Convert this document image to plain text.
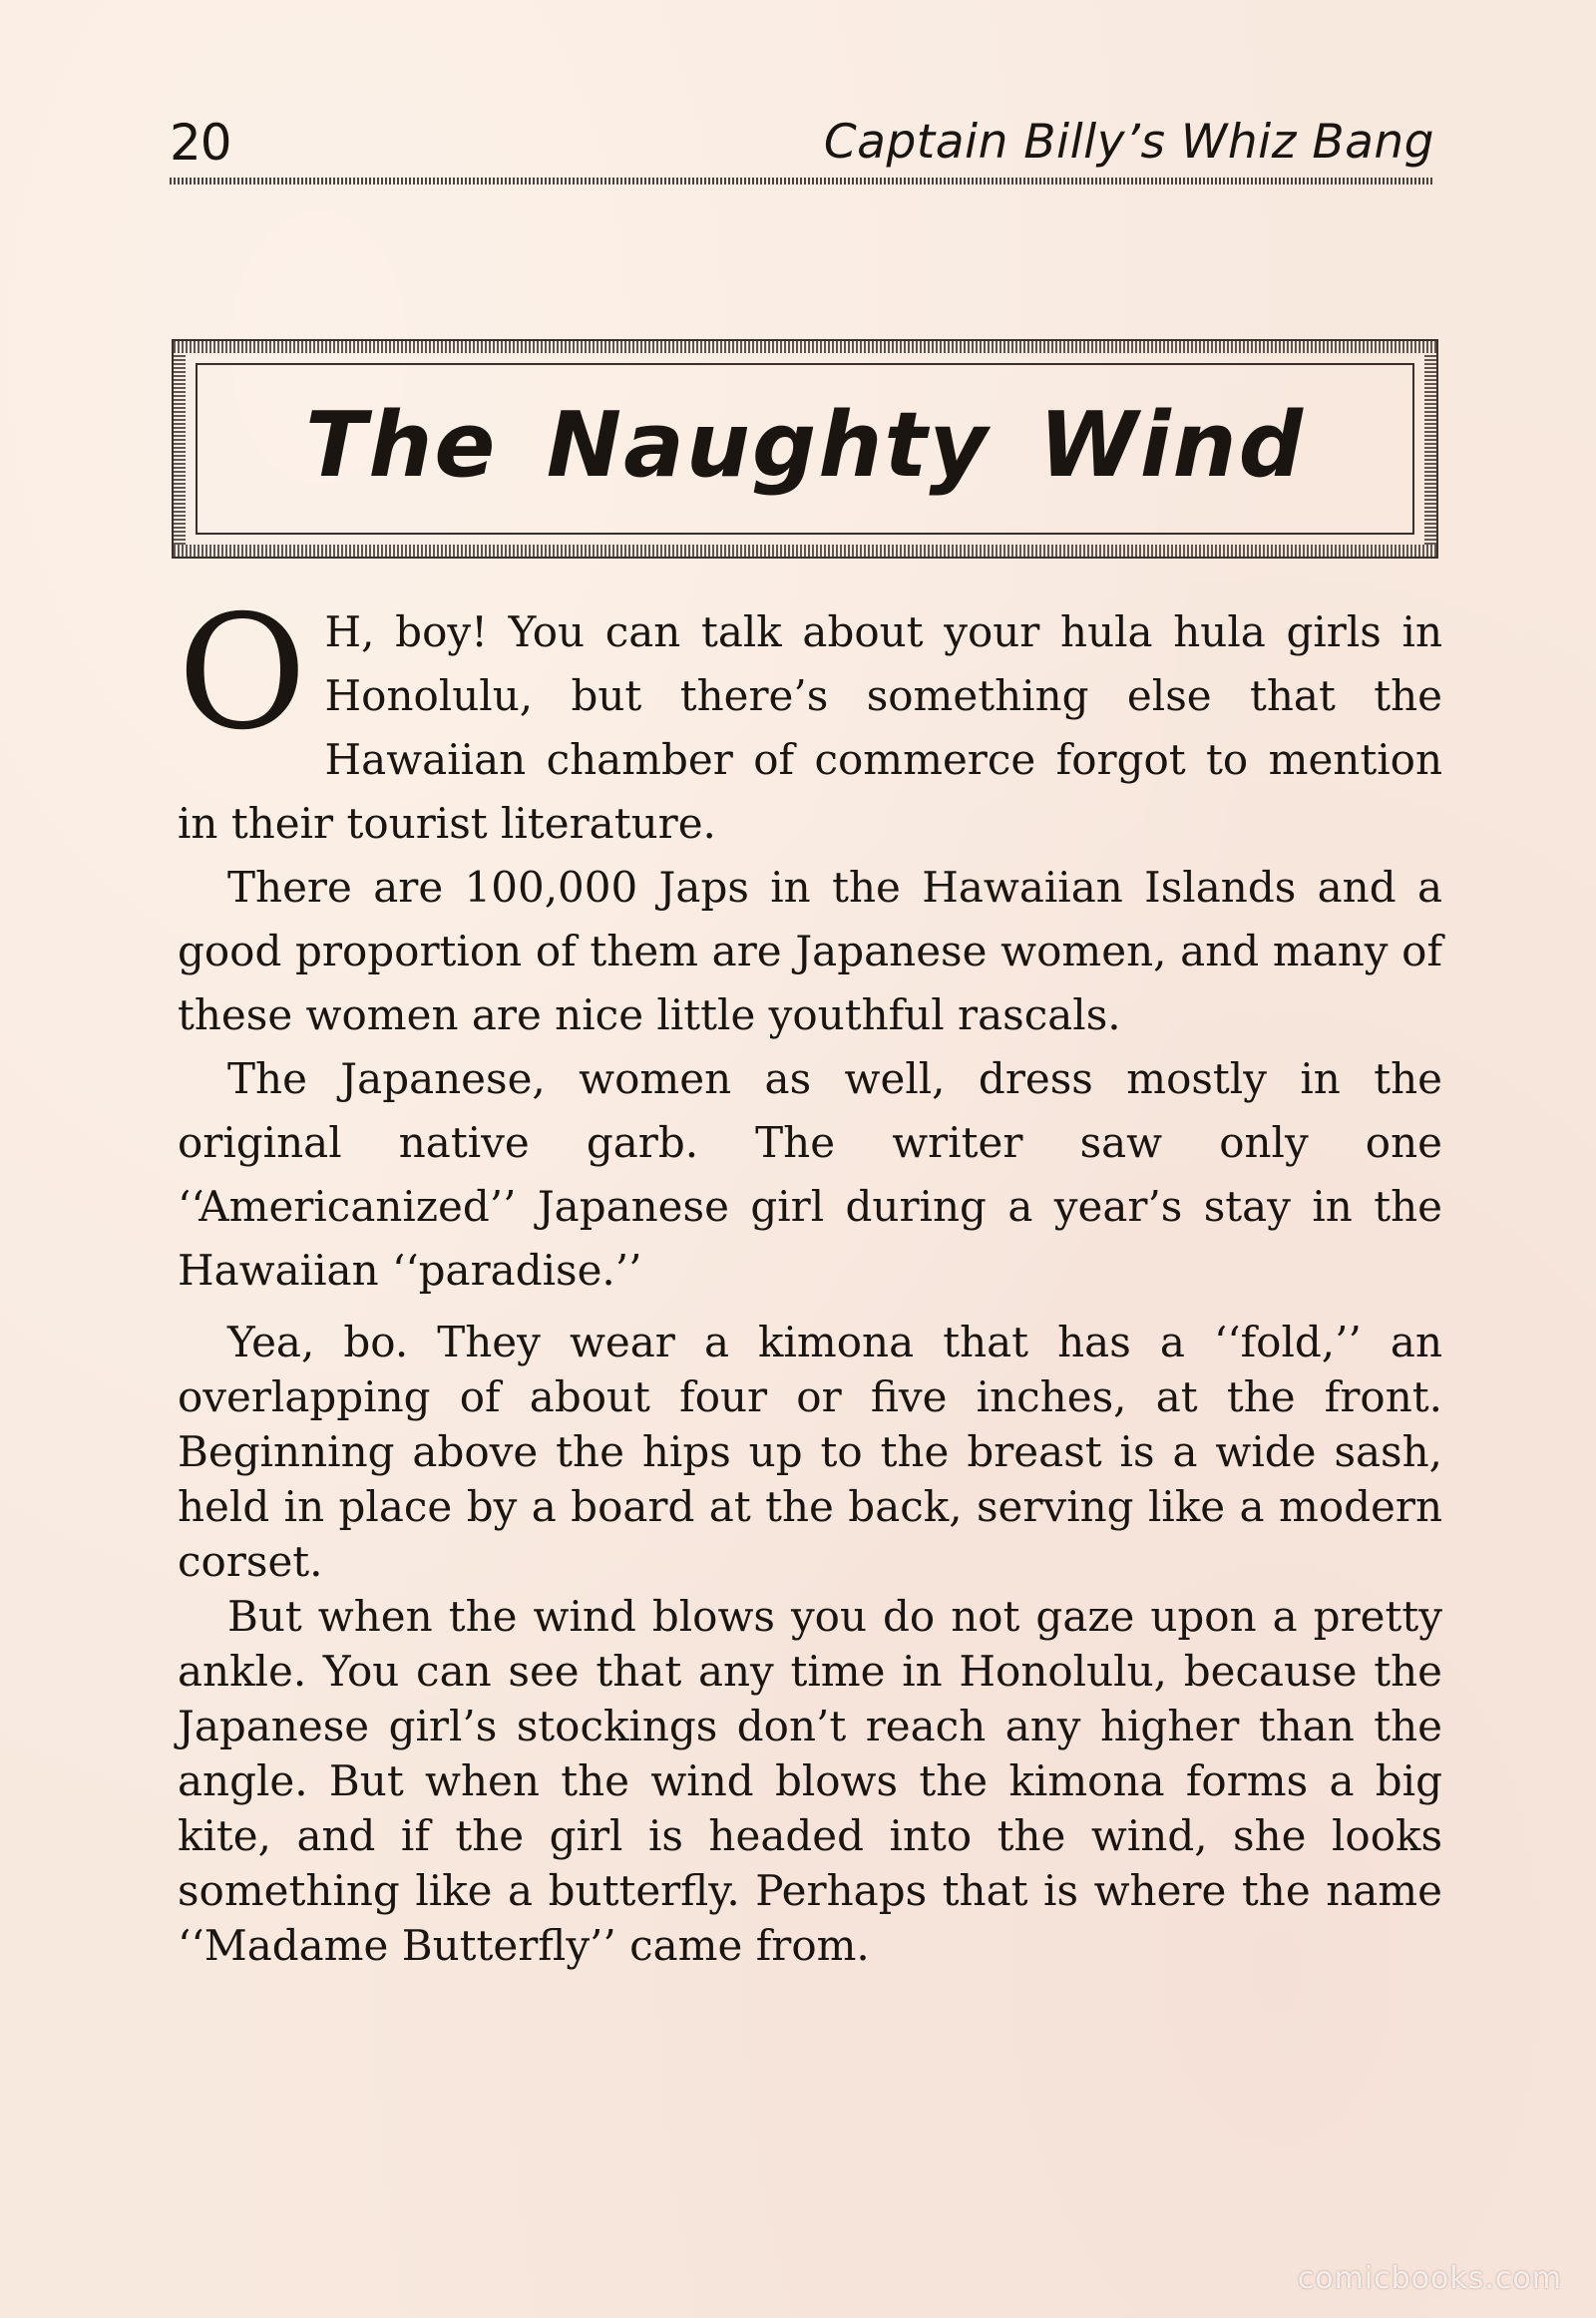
20	Captain Billy’s Whiz Bang
The Naughty Wind

O H, boy! You can talk about your hula hula girls in Honolulu, but there’s something else that the Hawaiian chamber of commerce forgot to mention in their tourist literature.

There are 100,000 Japs in the Hawaiian Islands and a good proportion of them are Japanese women, and many of these women are nice little youthful rascals.

The Japanese, women as well, dress mostly in the original native garb. The writer saw only one ‘‘Americanized’’ Japanese girl during a year’s stay in the Hawaiian ‘‘paradise.’’

Yea, bo. They wear a kimona that has a ‘‘fold,’’ an overlapping of about four or five inches, at the front. Beginning above the hips up to the breast is a wide sash, held in place by a board at the back, serving like a modern corset.

But when the wind blows you do not gaze upon a pretty ankle. You can see that any time in Honolulu, because the Japanese girl’s stockings don’t reach any higher than the angle. But when the wind blows the kimona forms a big kite, and if the girl is headed into the wind, she looks something like a butterfly. Perhaps that is where the name ‘‘Madame Butterfly’’ came from.

comicbooks.com
